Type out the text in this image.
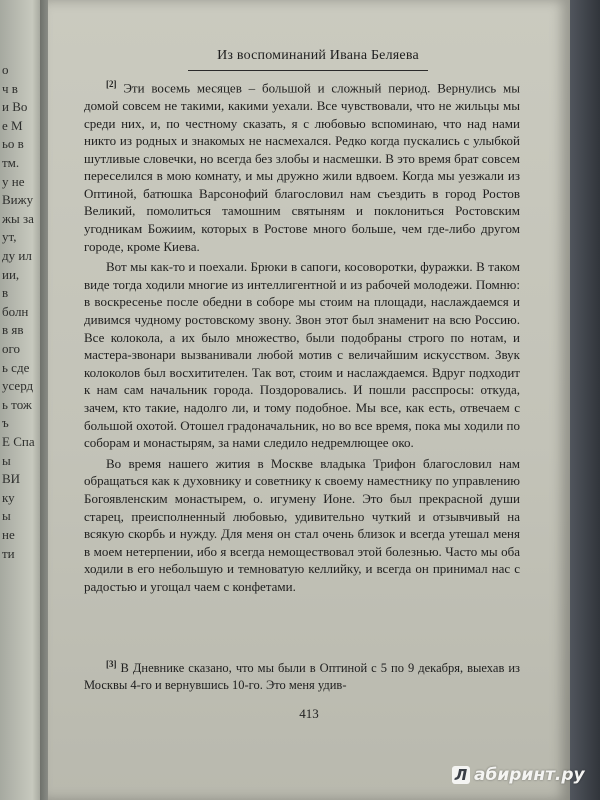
о
ч в
и Во
е М
ьо в
тм.
у не
Вижу
жы за
ут,
ду ил
ии,
в
болн
в яв
ого
ь сде
усерд
ь тож
ъ
Е Спа
ы
ВИ
ку
ы
не
ти
Из воспоминаний Ивана Беляева

[2] Эти восемь месяцев – большой и сложный период. Вернулись мы домой совсем не такими, какими уехали. Все чувствовали, что не жильцы мы среди них, и, по честному сказать, я с любовью вспоминаю, что над нами никто из родных и знакомых не насмехался. Редко когда пускались с улыбкой шутливые словечки, но всегда без злобы и насмешки. В это время брат совсем переселился в мою комнату, и мы дружно жили вдвоем. Когда мы уезжали из Оптиной, батюшка Варсонофий благословил нам съездить в город Ростов Великий, помолиться тамошним святыням и поклониться Ростовским угодникам Божиим, которых в Ростове много больше, чем где-либо другом городе, кроме Киева.

Вот мы как-то и поехали. Брюки в сапоги, косоворотки, фуражки. В таком виде тогда ходили многие из интеллигентной и из рабочей молодежи. Помню: в воскресенье после обедни в соборе мы стоим на площади, наслаждаемся и дивимся чудному ростовскому звону. Звон этот был знаменит на всю Россию. Все колокола, а их было множество, были подобраны строго по нотам, и мастера-звонари вызванивали любой мотив с величайшим искусством. Звук колоколов был восхитителен. Так вот, стоим и наслаждаемся. Вдруг подходит к нам сам начальник города. Поздоровались. И пошли расспросы: откуда, зачем, кто такие, надолго ли, и тому подобное. Мы все, как есть, отвечаем с большой охотой. Отошел градоначальник, но во все время, пока мы ходили по соборам и монастырям, за нами следило недремлющее око.

Во время нашего жития в Москве владыка Трифон благословил нам обращаться как к духовнику и советнику к своему наместнику по управлению Богоявленским монастырем, о. игумену Ионе. Это был прекрасной души старец, преисполненный любовью, удивительно чуткий и отзывчивый на всякую скорбь и нужду. Для меня он стал очень близок и всегда утешал меня в моем нетерпении, ибо я всегда немоществовал этой болезнью. Часто мы оба ходили в его небольшую и темноватую келлийку, и всегда он принимал нас с радостью и угощал чаем с конфетами.

[3] В Дневнике сказано, что мы были в Оптиной с 5 по 9 декабря, выехав из Москвы 4-го и вернувшись 10-го. Это меня удив-
413
Л абиринт.ру
